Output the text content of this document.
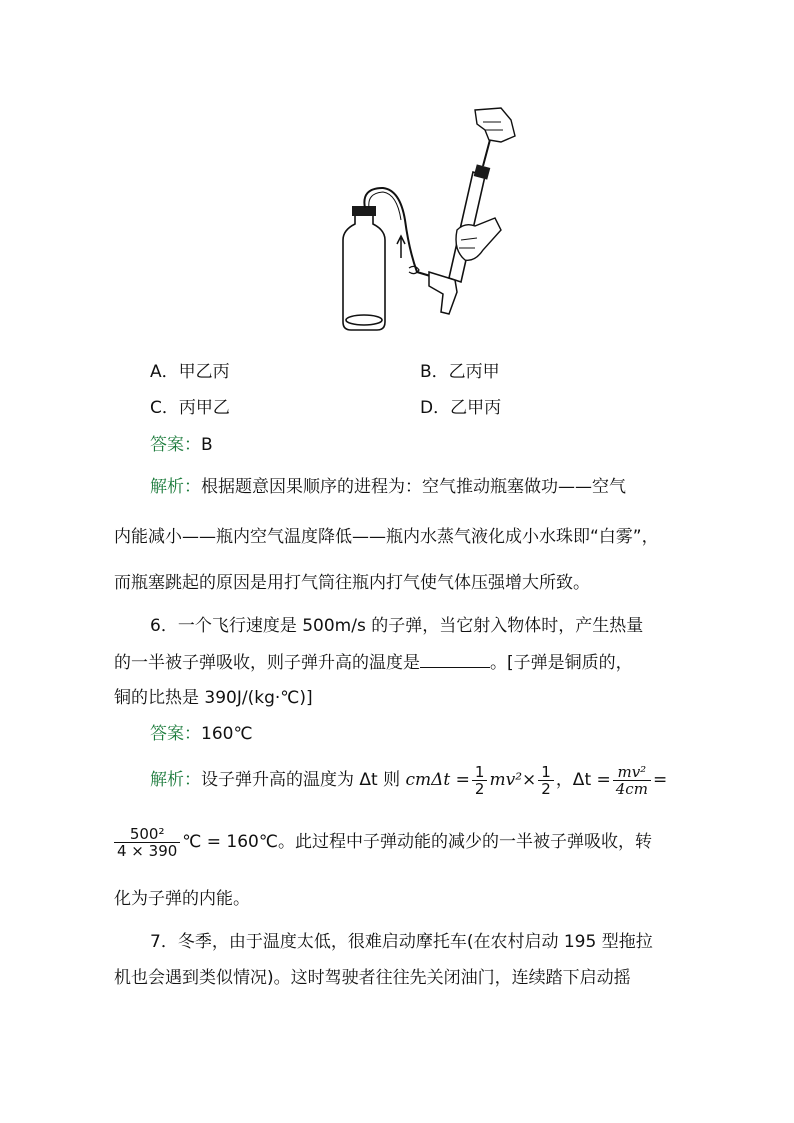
A．甲乙丙	B．乙丙甲
C．丙甲乙	D．乙甲丙
答案：B
解析：根据题意因果顺序的进程为：空气推动瓶塞做功——空气
内能减小——瓶内空气温度降低——瓶内水蒸气液化成小水珠即“白雾”，
而瓶塞跳起的原因是用打气筒往瓶内打气使气体压强增大所致。
6．一个飞行速度是 500m/s 的子弹，当它射入物体时，产生热量
的一半被子弹吸收，则子弹升高的温度是	。[子弹是铜质的，
铜的比热是 390J/(kg·℃)]
答案：160℃
解析： 设子弹升高的温度为 Δt 则
cmΔt
= $\frac{1}{2} mv^2\times \frac{1}{2}$ ，$\Delta t = \frac{\text{mv²}}{4cm}$ =
$\frac{\text{500²}}{4 \times 390}$ ℃ = 160℃。此过程中子弹动能的减少的一半被子弹吸收，转
化为子弹的内能。
7．冬季，由于温度太低，很难启动摩托车(在农村启动 195 型拖拉
机也会遇到类似情况)。这时驾驶者往往先关闭油门，连续踏下启动摇
